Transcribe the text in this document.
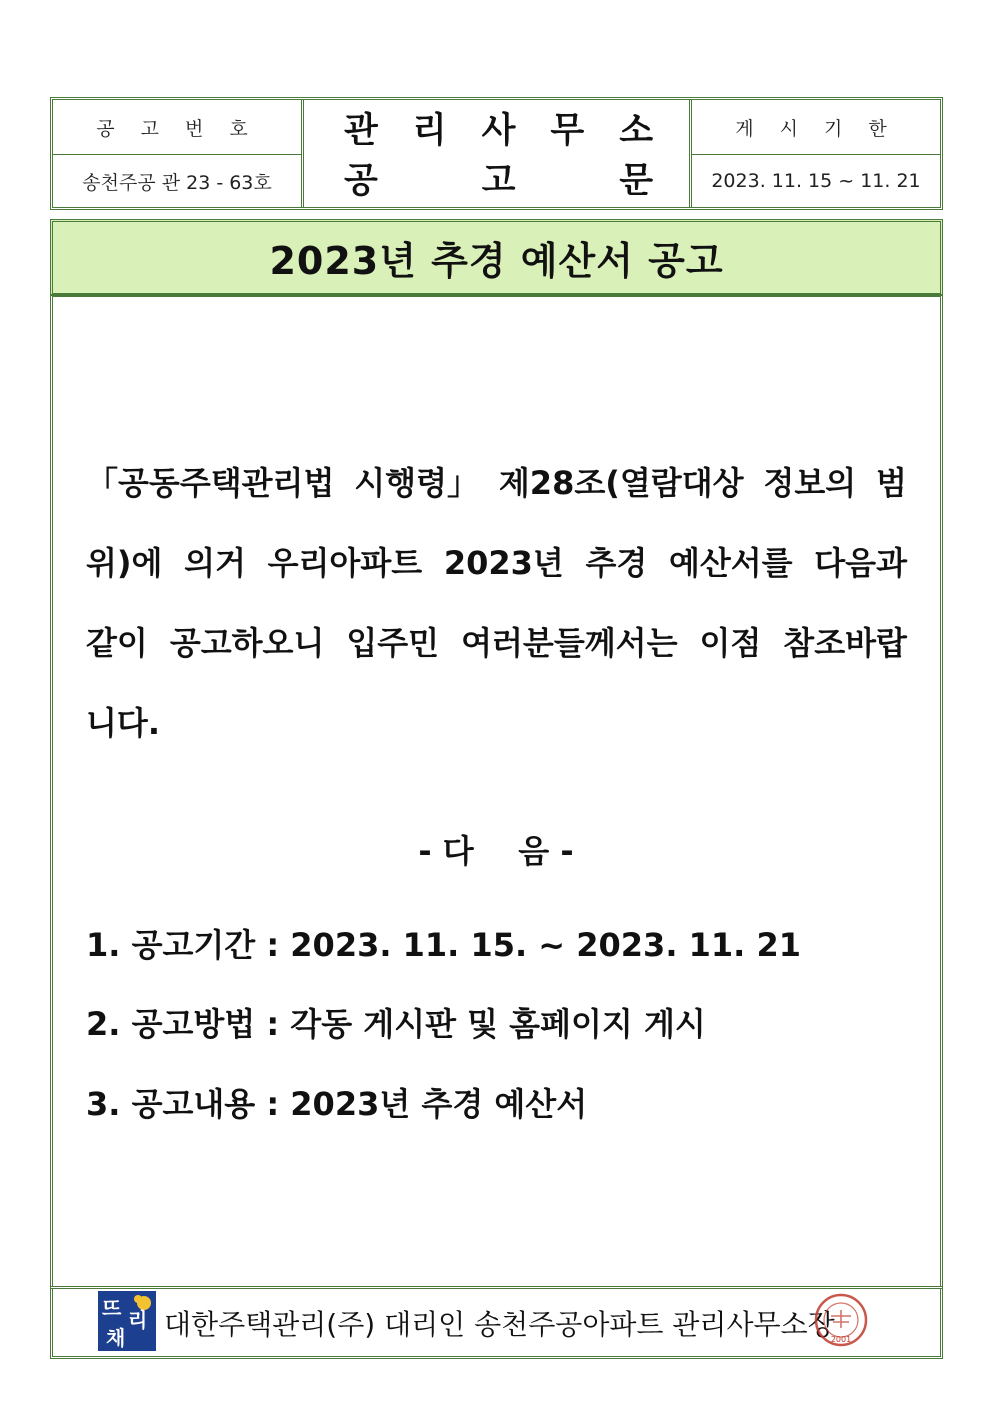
공 고 번 호
송천주공 관 23 - 63호
관 리 사 무 소
공	고	문
게 시 기 한
2023. 11. 15 ~ 11. 21
2023년 추경 예산서 공고
「공동주택관리법 시행령」 제28조(열람대상 정보의 범
위)에 의거 우리아파트 2023년 추경 예산서를 다음과
같이 공고하오니 입주민 여러분들께서는 이점 참조바랍
니다.
- 다    음 -
1. 공고기간 : 2023. 11. 15. ~ 2023. 11. 21
2. 공고방법 : 각동 게시판 및 홈페이지 게시
3. 공고내용 : 2023년 추경 예산서
뜨 리
채 대한주택관리(주) 대리인 송천주공아파트 관리사무소장
2001
